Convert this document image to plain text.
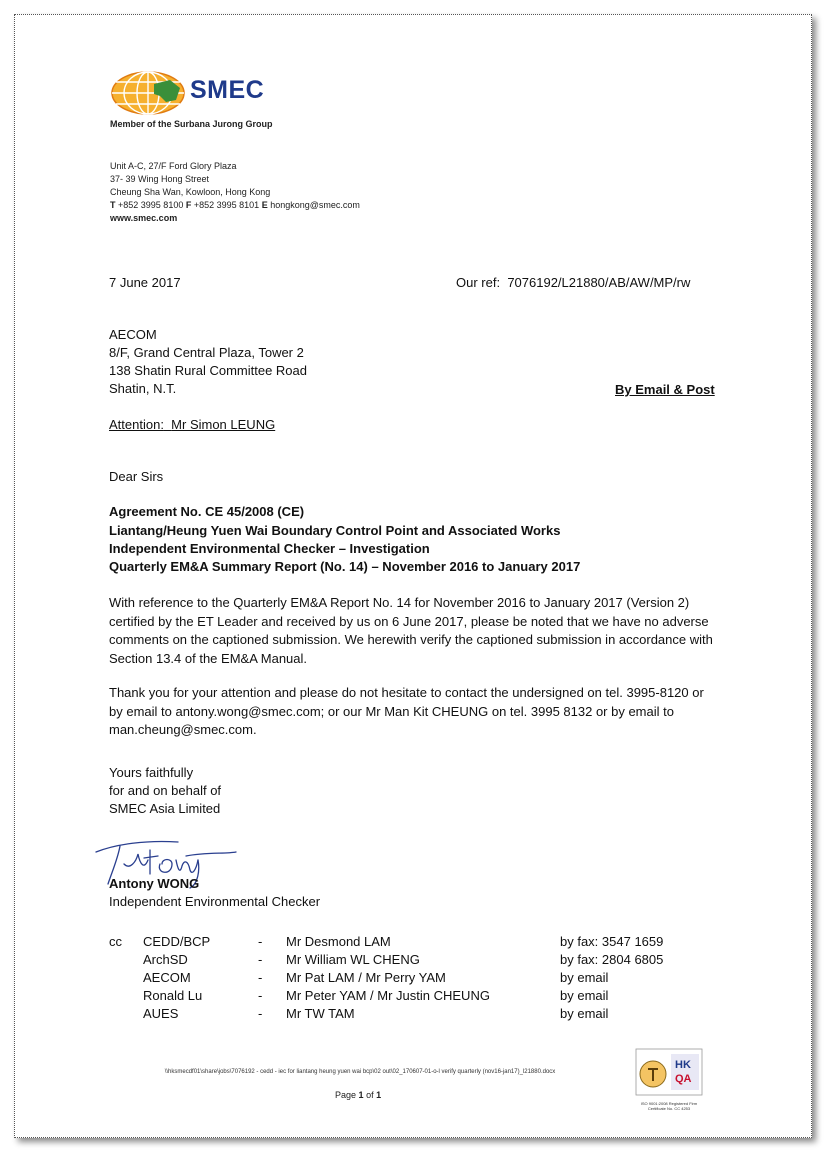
SMEC
Member of the Surbana Jurong Group
Unit A-C, 27/F Ford Glory Plaza
37- 39 Wing Hong Street
Cheung Sha Wan, Kowloon, Hong Kong
T +852 3995 8100 F +852 3995 8101 E hongkong@smec.com
www.smec.com
7 June 2017	Our ref: 7076192/L21880/AB/AW/MP/rw
AECOM
8/F, Grand Central Plaza, Tower 2
138 Shatin Rural Committee Road
Shatin, N.T.	By Email & Post
Attention: Mr Simon LEUNG
Dear Sirs
Agreement No. CE 45/2008 (CE)
Liantang/Heung Yuen Wai Boundary Control Point and Associated Works
Independent Environmental Checker – Investigation
Quarterly EM&A Summary Report (No. 14) – November 2016 to January 2017
With reference to the Quarterly EM&A Report No. 14 for November 2016 to January 2017 (Version 2) certified by the ET Leader and received by us on 6 June 2017, please be noted that we have no adverse comments on the captioned submission. We herewith verify the captioned submission in accordance with Section 13.4 of the EM&A Manual.
Thank you for your attention and please do not hesitate to contact the undersigned on tel. 3995-8120 or by email to antony.wong@smec.com; or our Mr Man Kit CHEUNG on tel. 3995 8132 or by email to man.cheung@smec.com.
Yours faithfully
for and on behalf of
SMEC Asia Limited
Antony WONG
Independent Environmental Checker
cc CEDD/BCP	- Mr Desmond LAM	by fax: 3547 1659
ArchSD	- Mr William WL CHENG	by fax: 2804 6805
AECOM	- Mr Pat LAM / Mr Perry YAM	by email
Ronald Lu	- Mr Peter YAM / Mr Justin CHEUNG	by email
AUES	- Mr TW TAM	by email
\\hksmecdf01\share\jobs\7076192 - cedd - iec for liantang heung yuen wai bcp\02 out\02_170607-01-o-l verify quarterly (nov16-jan17)_l21880.docx
Page 1 of 1
HK
QA
ISO 9001:2008 Registered Firm Certificate No. CC 4253
